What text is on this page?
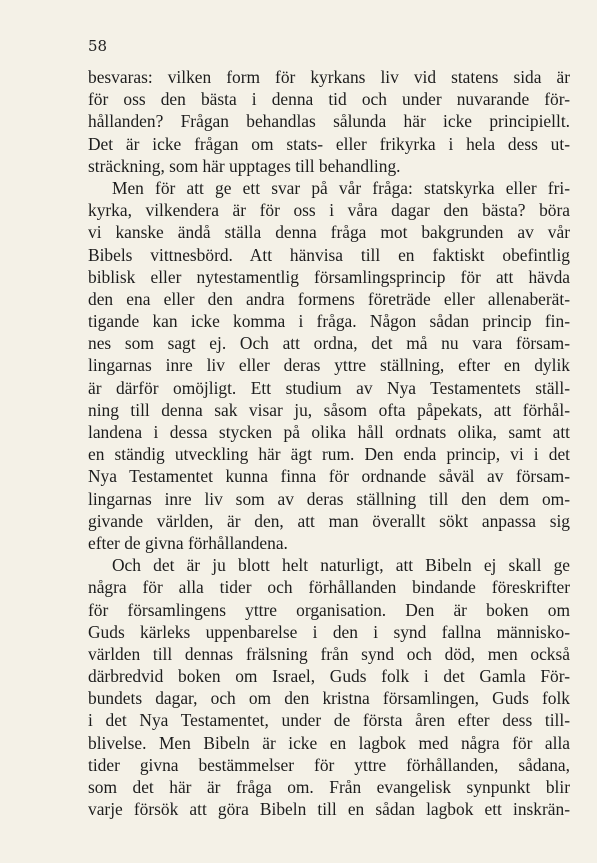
58
besvaras: vilken form för kyrkans liv vid statens sida är
för oss den bästa i denna tid och under nuvarande för-
hållanden? Frågan behandlas sålunda här icke principiellt.
Det är icke frågan om stats- eller frikyrka i hela dess ut-
sträckning, som här upptages till behandling.
Men för att ge ett svar på vår fråga: statskyrka eller fri-
kyrka, vilkendera är för oss i våra dagar den bästa? böra
vi kanske ändå ställa denna fråga mot bakgrunden av vår
Bibels vittnesbörd. Att hänvisa till en faktiskt obefintlig
biblisk eller nytestamentlig församlingsprincip för att hävda
den ena eller den andra formens företräde eller allenaberät-
tigande kan icke komma i fråga. Någon sådan princip fin-
nes som sagt ej. Och att ordna, det må nu vara försam-
lingarnas inre liv eller deras yttre ställning, efter en dylik
är därför omöjligt. Ett studium av Nya Testamentets ställ-
ning till denna sak visar ju, såsom ofta påpekats, att förhål-
landena i dessa stycken på olika håll ordnats olika, samt att
en ständig utveckling här ägt rum. Den enda princip, vi i det
Nya Testamentet kunna finna för ordnande såväl av försam-
lingarnas inre liv som av deras ställning till den dem om-
givande världen, är den, att man överallt sökt anpassa sig
efter de givna förhållandena.
Och det är ju blott helt naturligt, att Bibeln ej skall ge
några för alla tider och förhållanden bindande föreskrifter
för församlingens yttre organisation. Den är boken om
Guds kärleks uppenbarelse i den i synd fallna människo-
världen till dennas frälsning från synd och död, men också
därbredvid boken om Israel, Guds folk i det Gamla För-
bundets dagar, och om den kristna församlingen, Guds folk
i det Nya Testamentet, under de första åren efter dess till-
blivelse. Men Bibeln är icke en lagbok med några för alla
tider givna bestämmelser för yttre förhållanden, sådana,
som det här är fråga om. Från evangelisk synpunkt blir
varje försök att göra Bibeln till en sådan lagbok ett inskrän-
